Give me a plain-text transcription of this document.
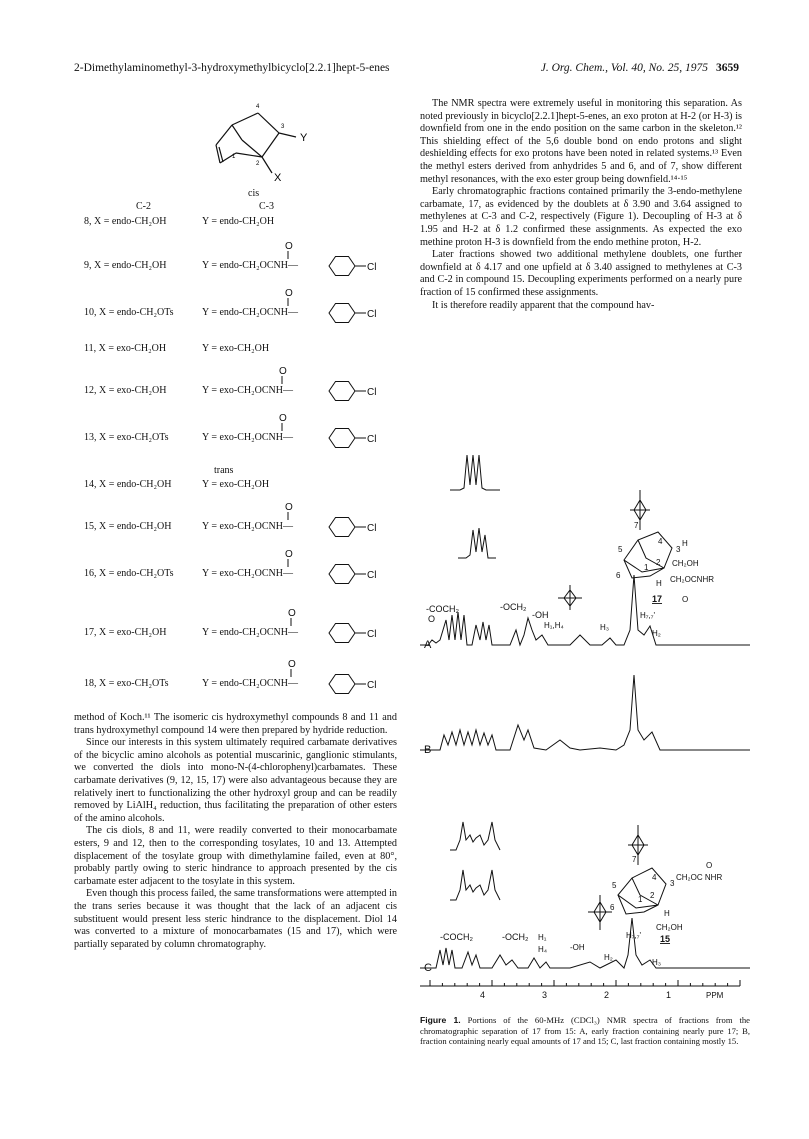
2-Dimethylaminomethyl-3-hydroxymethylbicyclo[2.2.1]hept-5-enes	J. Org. Chem., Vol. 40, No. 25, 1975 3659
Y
X
4
3
2
1
cis
C-2	C-3
8, X = endo-CH₂OH	Y = endo-CH₂OH
9, X = endo-CH₂OH	Y = endo-CH₂OCNH—
10, X = endo-CH₂OTs	Y = endo-CH₂OCNH—
11, X = exo-CH₂OH	Y = exo-CH₂OH
12, X = exo-CH₂OH	Y = exo-CH₂OCNH—
13, X = exo-CH₂OTs	Y = exo-CH₂OCNH—
trans
14, X = endo-CH₂OH	Y = exo-CH₂OH
15, X = endo-CH₂OH	Y = exo-CH₂OCNH—
16, X = endo-CH₂OTs	Y = exo-CH₂OCNH—
17, X = exo-CH₂OH	Y = endo-CH₂OCNH—
18, X = exo-CH₂OTs	Y = endo-CH₂OCNH—
O
Cl
O
Cl
O
Cl
O
Cl
O
Cl
O
Cl
O
Cl
O
Cl

method of Koch.¹¹ The isomeric cis hydroxymethyl compounds 8 and 11 and trans hydroxymethyl compound 14 were then prepared by hydride reduction.

Since our interests in this system ultimately required carbamate derivatives of the bicyclic amino alcohols as potential muscarinic, ganglionic stimulants, we converted the diols into mono-N-(4-chlorophenyl)carbamates. These carbamate derivatives (9, 12, 15, 17) were also advantageous because they are relatively inert to functionalizing the other hydroxyl group and can be readily removed by LiAlH₄ reduction, thus facilitating the preparation of other esters of the amino alcohols.

The cis diols, 8 and 11, were readily converted to their monocarbamate esters, 9 and 12, then to the corresponding tosylates, 10 and 13. Attempted displacement of the tosylate group with dimethylamine failed, even at 80°, probably partly owing to steric hindrance to approach presented by the cis carbamate ester adjacent to the tosylate in this system.

Even though this process failed, the same transformations were attempted in the trans series because it was thought that the lack of an adjacent cis substituent would present less steric hindrance to the displacement. Diol 14 was converted to a mixture of monocarbamates (15 and 17), which were partially separated by column chromatography.

The NMR spectra were extremely useful in monitoring this separation. As noted previously in bicyclo[2.2.1]hept-5-enes, an exo proton at H-2 (or H-3) is downfield from one in the endo position on the same carbon in the skeleton.¹² This shielding effect of the 5,6 double bond on endo protons and slight deshielding effects for exo protons have been noted in related systems.¹³ Even the methyl esters derived from anhydrides 5 and 6, and of 7, show different methyl resonances, with the exo ester group being downfield.¹⁴·¹⁵

Early chromatographic fractions contained primarily the 3-endo-methylene carbamate, 17, as evidenced by the doublets at δ 3.90 and 3.64 assigned to methylenes at C-3 and C-2, respectively (Figure 1). Decoupling of H-3 at δ 1.95 and H-2 at δ 1.2 confirmed these assignments. As expected the exo methine proton H-3 is downfield from the endo methine proton, H-2.

Later fractions showed two additional methylene doublets, one further downfield at δ 4.17 and one upfield at δ 3.40 assigned to methylenes at C-3 and C-2 in compound 15. Decoupling experiments performed on a nearly pure fraction of 15 confirmed these assignments.

It is therefore readily apparent that the compound hav-

A
B
C
-COCH₂
O
-OCH₂
-OH
H₁,H₄	H₃
H₇,₇'
H₂
-COCH₂	-OCH₂ H₁
H₄	-OH
H₂
H₇,₇'
H₃
7
4
3
5
6
1
2
H
CH₂OH
H CH₂OCNHR
O
17
7
4
3
5
6
1 2
O
CH₂OC NHR
H
CH₂OH
15
4	3	2	1	PPM
Figure 1. Portions of the 60-MHz (CDCl₃) NMR spectra of fractions from the chromatographic separation of 17 from 15: A, early fraction containing nearly pure 17; B, fraction containing nearly equal amounts of 17 and 15; C, last fraction containing mostly 15.
